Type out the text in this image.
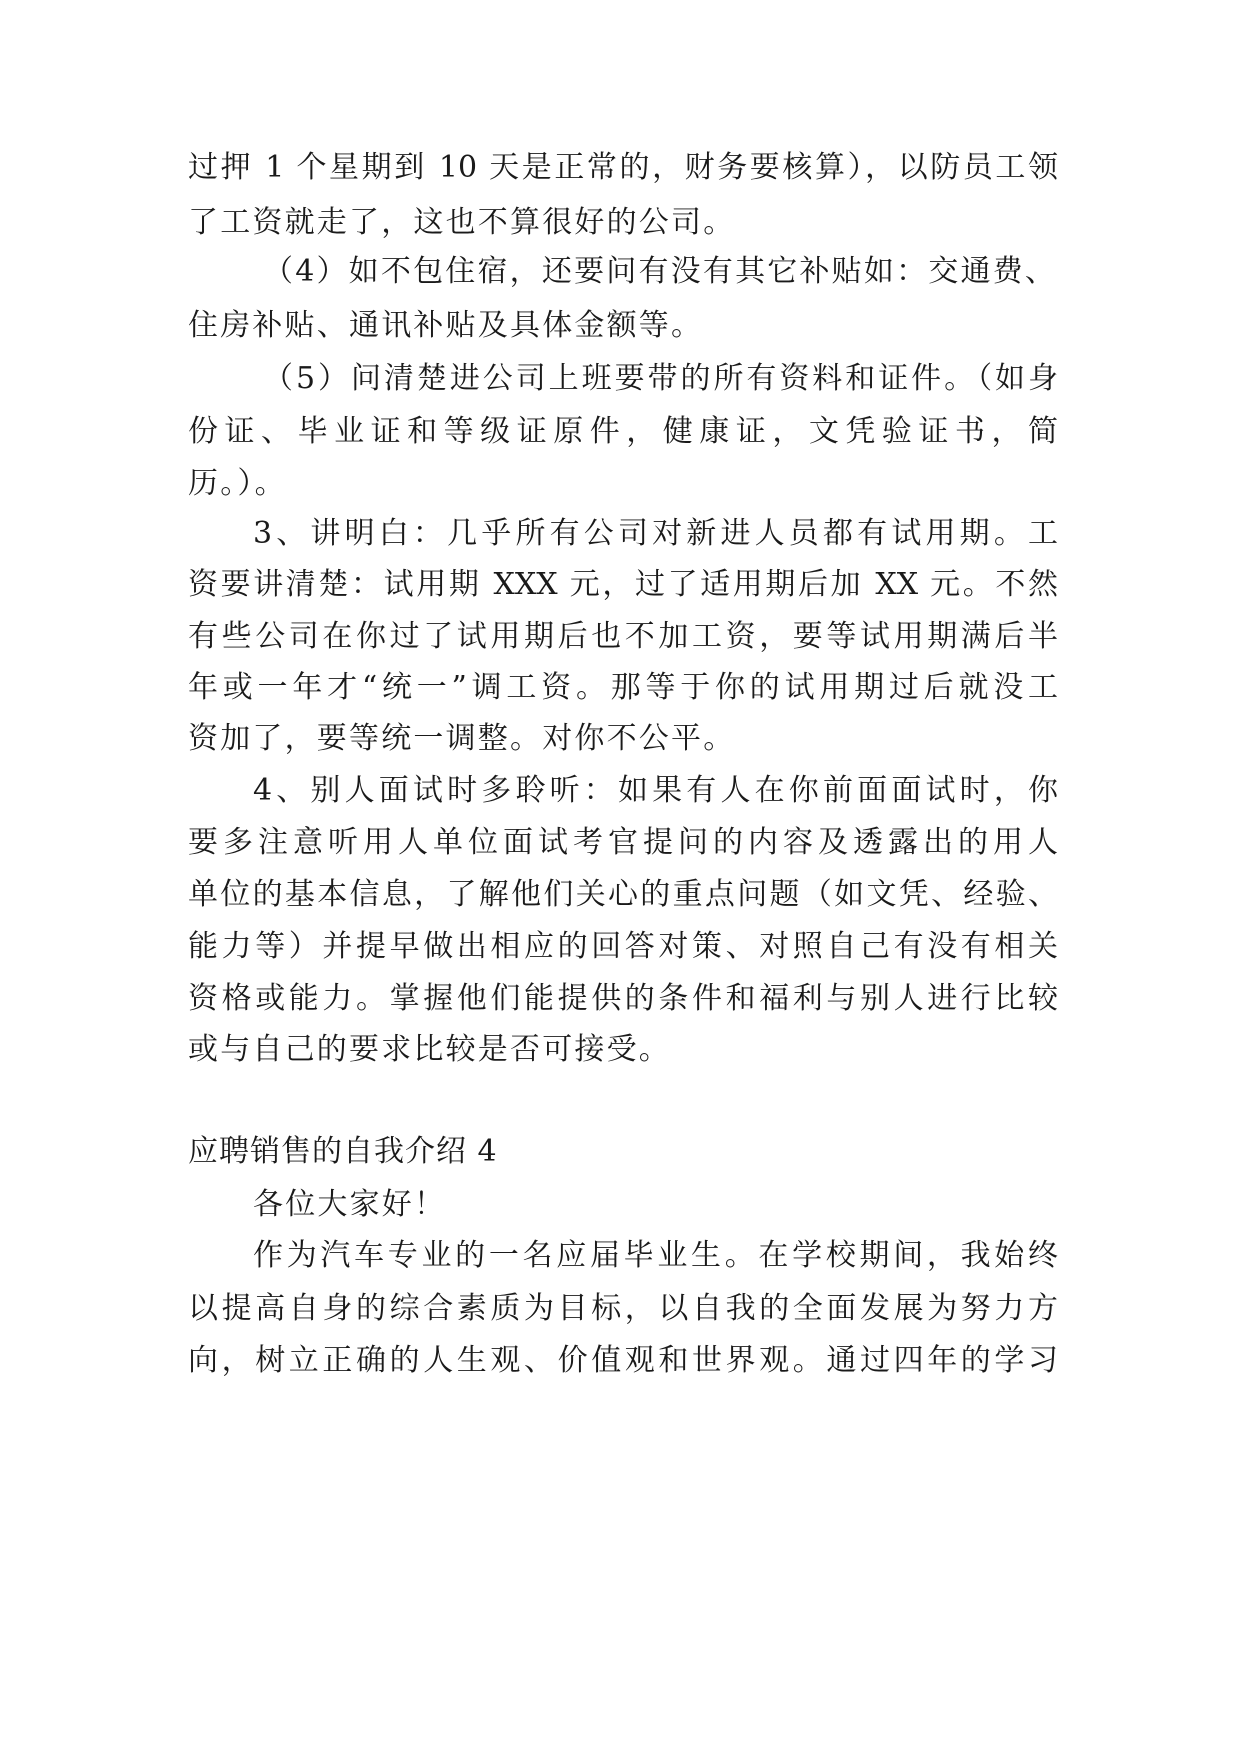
过押 1 个星期到 10 天是正常的，财务要核算），以防员工领

了工资就走了，这也不算很好的公司。

（4）如不包住宿，还要问有没有其它补贴如：交通费、

住房补贴、通讯补贴及具体金额等。

（5）问清楚进公司上班要带的所有资料和证件。（如身

份证、毕业证和等级证原件，健康证，文凭验证书，简

历。）。

3、讲明白：几乎所有公司对新进人员都有试用期。工

资要讲清楚：试用期 XXX 元，过了适用期后加 XX 元。不然

有些公司在你过了试用期后也不加工资，要等试用期满后半

年或一年才“统一”调工资。那等于你的试用期过后就没工

资加了，要等统一调整。对你不公平。

4、别人面试时多聆听：如果有人在你前面面试时，你

要多注意听用人单位面试考官提问的内容及透露出的用人

单位的基本信息，了解他们关心的重点问题（如文凭、经验、

能力等）并提早做出相应的回答对策、对照自己有没有相关

资格或能力。掌握他们能提供的条件和福利与别人进行比较

或与自己的要求比较是否可接受。

应聘销售的自我介绍 4

各位大家好！

作为汽车专业的一名应届毕业生。在学校期间，我始终

以提高自身的综合素质为目标，以自我的全面发展为努力方

向，树立正确的人生观、价值观和世界观。通过四年的学习
